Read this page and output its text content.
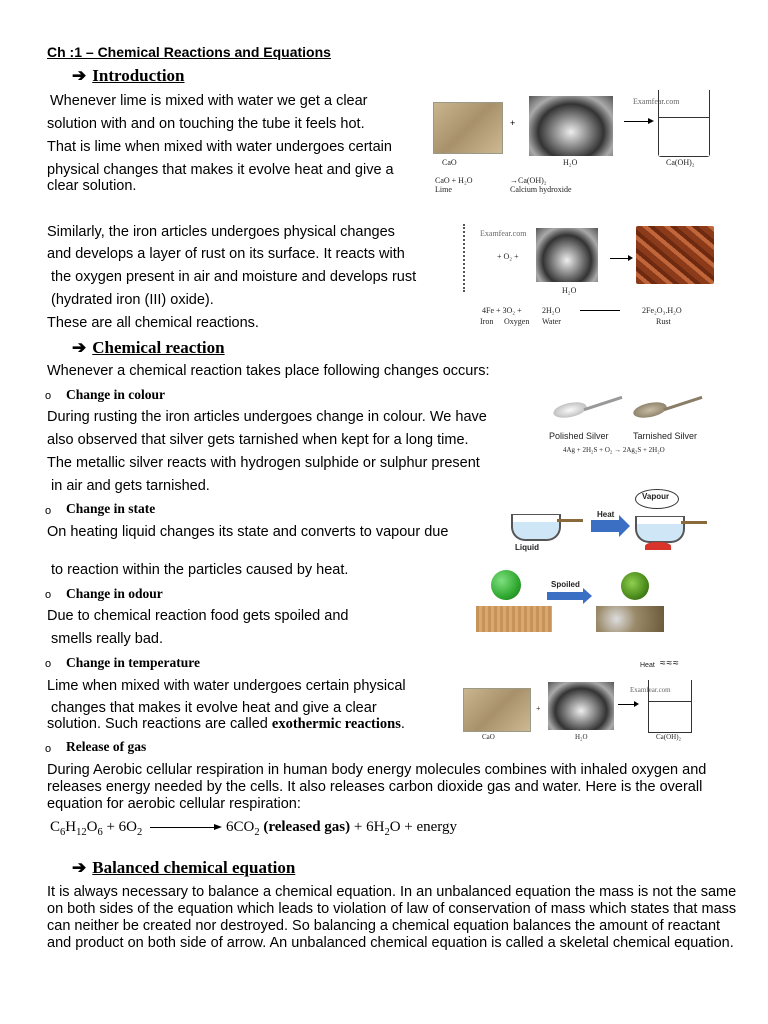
Ch :1 – Chemical Reactions and Equations
➔ Introduction
Whenever lime is mixed with water we get a clear
solution with and on touching the tube it feels hot.
That is lime when mixed with water undergoes certain
physical changes that makes it evolve heat and give a
clear solution.
Similarly, the iron articles undergoes physical changes
and develops a layer of rust on its surface. It reacts with
the oxygen present in air and moisture and develops rust
(hydrated iron (III) oxide).
These are all chemical reactions.
+
Examfear.com
CaO	H₂O	Ca(OH)₂
CaO + H₂O	→Ca(OH)₂
Lime	Calcium hydroxide
Examfear.com
+ O₂ +
H₂O
4Fe + 3O₂ +	2H₂O	2Fe₂O₃.H₂O
Iron Oxygen Water	Rust
➔ Chemical reaction
Whenever a chemical reaction takes place following changes occurs:
o Change in colour
During rusting the iron articles undergoes change in colour. We have
also observed that silver gets tarnished when kept for a long time.
The metallic silver reacts with hydrogen sulphide or sulphur present
in air and gets tarnished.
Polished Silver	Tarnished Silver
4Ag + 2H₂S + O₂ → 2Ag₂S + 2H₂O
o Change in state
On heating liquid changes its state and converts to vapour due
to reaction within the particles caused by heat.
Liquid
Heat
Vapour
o Change in odour
Due to chemical reaction food gets spoiled and
smells really bad.
Spoiled
o Change in temperature
Lime when mixed with water undergoes certain physical
changes that makes it evolve heat and give a clear
solution. Such reactions are called exothermic reactions.
Heat ≈≈≈
+
Examfear.com
CaO	H₂O	Ca(OH)₂
o Release of gas
During Aerobic cellular respiration in human body energy molecules combines with inhaled oxygen and releases energy needed by the cells. It also releases carbon dioxide gas and water. Here is the overall equation for aerobic cellular respiration:
$C_6H_{12}O_6 + 6O_2$	$6CO_2$ (released $gas) + 6H_2O$ + energy
➔ Balanced chemical equation
It is always necessary to balance a chemical equation. In an unbalanced equation the mass is not the same on both sides of the equation which leads to violation of law of conservation of mass which states that mass can neither be created nor destroyed. So balancing a chemical equation balances the amount of reactant and product on both side of arrow. An unbalanced chemical equation is called a skeletal chemical equation.
